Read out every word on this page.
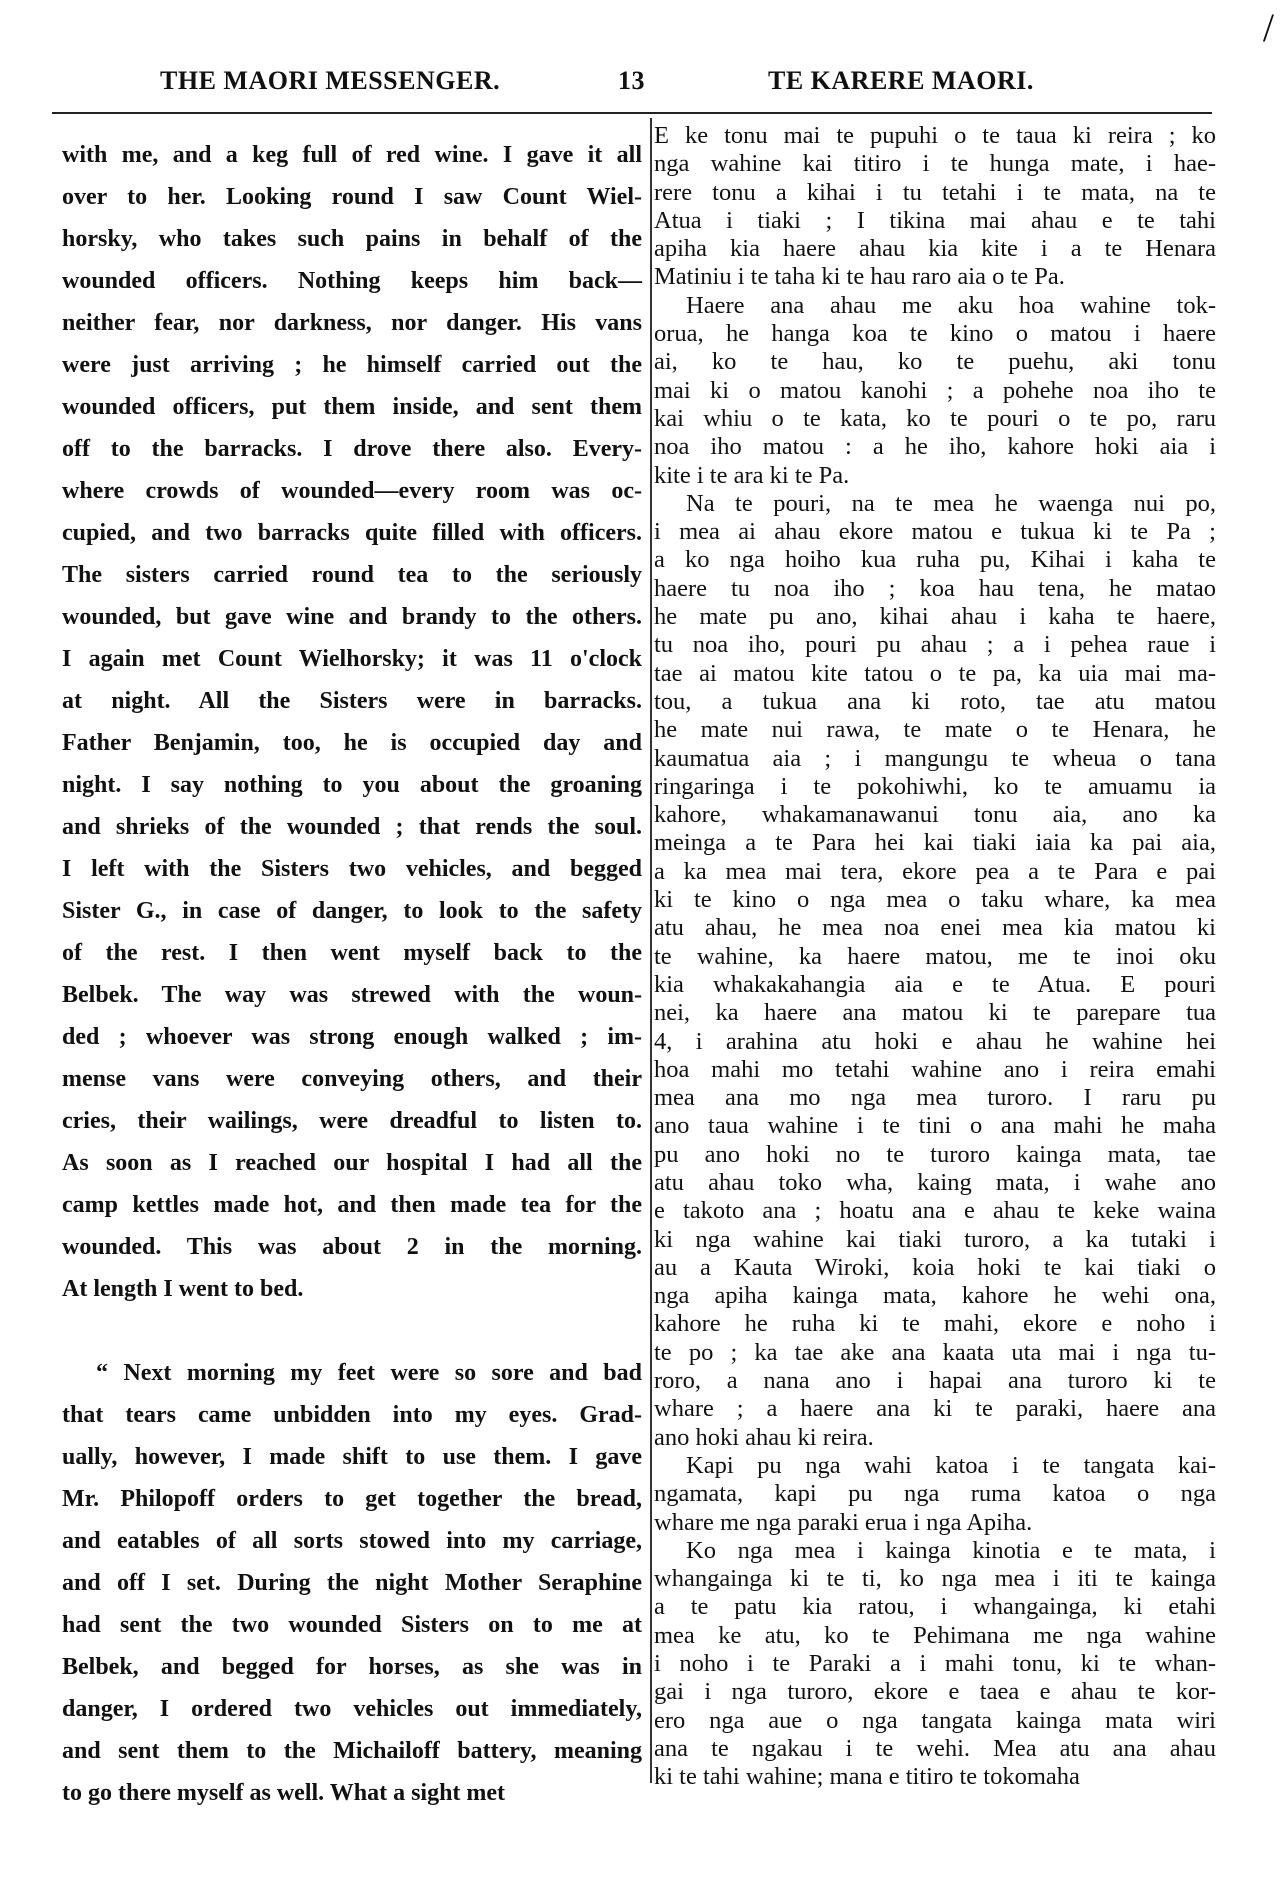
/
THE MAORI MESSENGER.	13	TE KARERE MAORI.
with me, and a keg full of red wine. I gave it all
over to her. Looking round I saw Count Wiel-
horsky, who takes such pains in behalf of the
wounded officers. Nothing keeps him back—
neither fear, nor darkness, nor danger. His vans
were just arriving ; he himself carried out the
wounded officers, put them inside, and sent them
off to the barracks. I drove there also. Every-
where crowds of wounded—every room was oc-
cupied, and two barracks quite filled with officers.
The sisters carried round tea to the seriously
wounded, but gave wine and brandy to the others.
I again met Count Wielhorsky; it was 11 o'clock
at night. All the Sisters were in barracks.
Father Benjamin, too, he is occupied day and
night. I say nothing to you about the groaning
and shrieks of the wounded ; that rends the soul.
I left with the Sisters two vehicles, and begged
Sister G., in case of danger, to look to the safety
of the rest. I then went myself back to the
Belbek. The way was strewed with the woun-
ded ; whoever was strong enough walked ; im-
mense vans were conveying others, and their
cries, their wailings, were dreadful to listen to.
As soon as I reached our hospital I had all the
camp kettles made hot, and then made tea for the
wounded. This was about 2 in the morning.
At length I went to bed.
“ Next morning my feet were so sore and bad
that tears came unbidden into my eyes. Grad-
ually, however, I made shift to use them. I gave
Mr. Philopoff orders to get together the bread,
and eatables of all sorts stowed into my carriage,
and off I set. During the night Mother Seraphine
had sent the two wounded Sisters on to me at
Belbek, and begged for horses, as she was in
danger, I ordered two vehicles out immediately,
and sent them to the Michailoff battery, meaning
to go there myself as well. What a sight met
E ke tonu mai te pupuhi o te taua ki reira ; ko
nga wahine kai titiro i te hunga mate, i hae-
rere tonu a kihai i tu tetahi i te mata, na te
Atua i tiaki ; I tikina mai ahau e te tahi
apiha kia haere ahau kia kite i a te Henara
Matiniu i te taha ki te hau raro aia o te Pa.
Haere ana ahau me aku hoa wahine tok-
orua, he hanga koa te kino o matou i haere
ai, ko te hau, ko te puehu, aki tonu
mai ki o matou kanohi ; a pohehe noa iho te
kai whiu o te kata, ko te pouri o te po, raru
noa iho matou : a he iho, kahore hoki aia i
kite i te ara ki te Pa.
Na te pouri, na te mea he waenga nui po,
i mea ai ahau ekore matou e tukua ki te Pa ;
a ko nga hoiho kua ruha pu, Kihai i kaha te
haere tu noa iho ; koa hau tena, he matao
he mate pu ano, kihai ahau i kaha te haere,
tu noa iho, pouri pu ahau ; a i pehea raue i
tae ai matou kite tatou o te pa, ka uia mai ma-
tou, a tukua ana ki roto, tae atu matou
he mate nui rawa, te mate o te Henara, he
kaumatua aia ; i mangungu te wheua o tana
ringaringa i te pokohiwhi, ko te amuamu ia
kahore, whakamanawanui tonu aia, ano ka
meinga a te Para hei kai tiaki iaia ka pai aia,
a ka mea mai tera, ekore pea a te Para e pai
ki te kino o nga mea o taku whare, ka mea
atu ahau, he mea noa enei mea kia matou ki
te wahine, ka haere matou, me te inoi oku
kia whakakahangia aia e te Atua. E pouri
nei, ka haere ana matou ki te parepare tua
4, i arahina atu hoki e ahau he wahine hei
hoa mahi mo tetahi wahine ano i reira emahi
mea ana mo nga mea turoro. I raru pu
ano taua wahine i te tini o ana mahi he maha
pu ano hoki no te turoro kainga mata, tae
atu ahau toko wha, kaing mata, i wahe ano
e takoto ana ; hoatu ana e ahau te keke waina
ki nga wahine kai tiaki turoro, a ka tutaki i
au a Kauta Wiroki, koia hoki te kai tiaki o
nga apiha kainga mata, kahore he wehi ona,
kahore he ruha ki te mahi, ekore e noho i
te po ; ka tae ake ana kaata uta mai i nga tu-
roro, a nana ano i hapai ana turoro ki te
whare ; a haere ana ki te paraki, haere ana
ano hoki ahau ki reira.
Kapi pu nga wahi katoa i te tangata kai-
ngamata, kapi pu nga ruma katoa o nga
whare me nga paraki erua i nga Apiha.
Ko nga mea i kainga kinotia e te mata, i
whangainga ki te ti, ko nga mea i iti te kainga
a te patu kia ratou, i whangainga, ki etahi
mea ke atu, ko te Pehimana me nga wahine
i noho i te Paraki a i mahi tonu, ki te whan-
gai i nga turoro, ekore e taea e ahau te kor-
ero nga aue o nga tangata kainga mata wiri
ana te ngakau i te wehi. Mea atu ana ahau
ki te tahi wahine; mana e titiro te tokomaha
